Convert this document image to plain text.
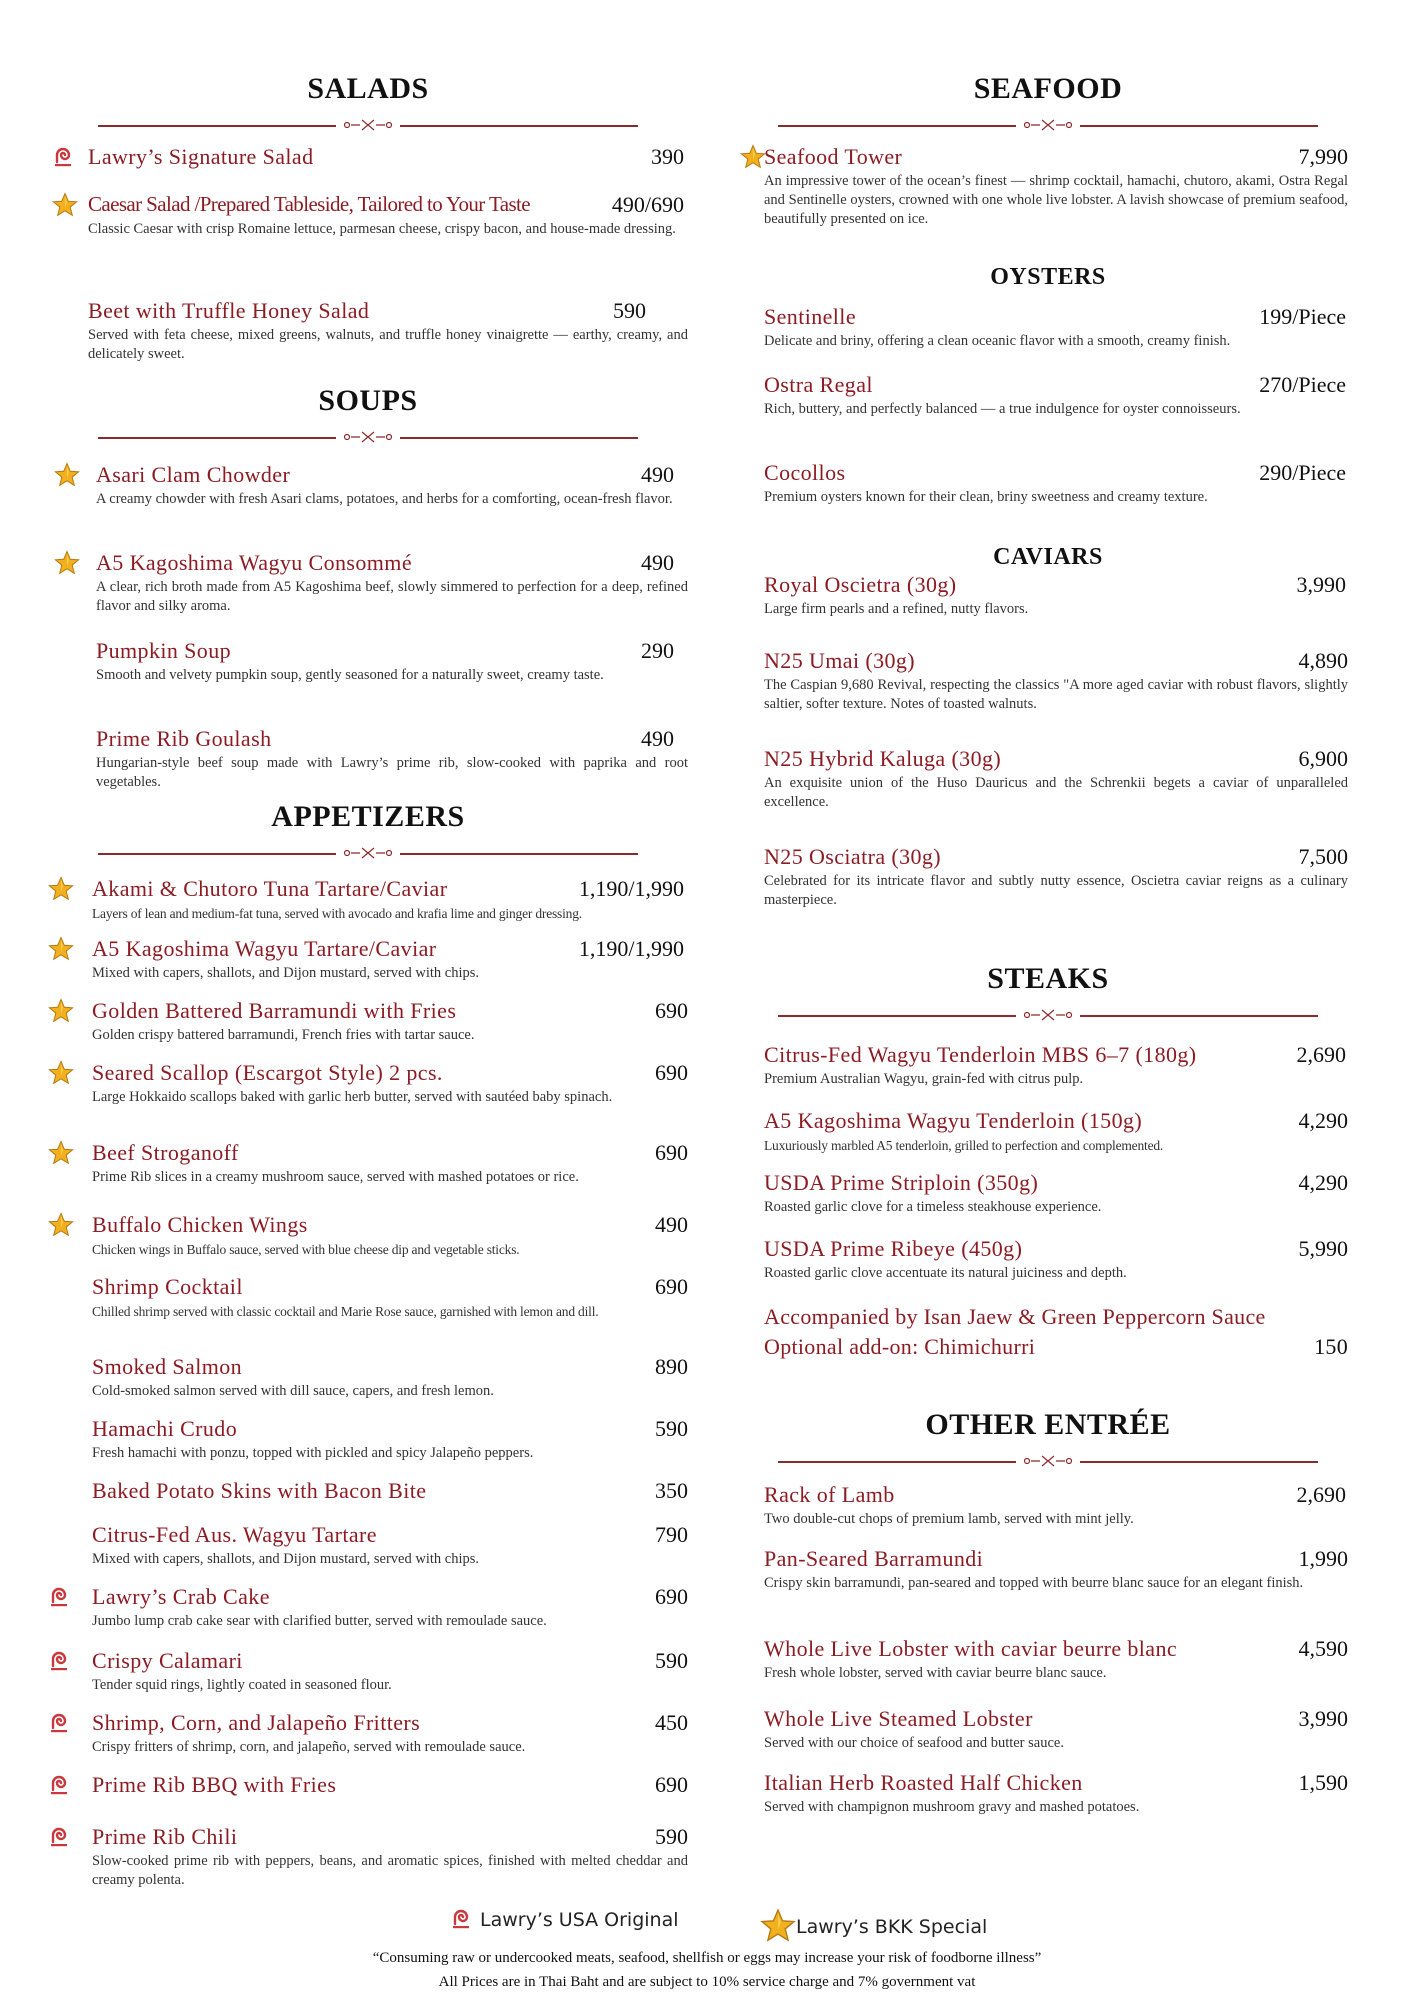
SALADS
Lawry’s Signature Salad	390
Caesar Salad /Prepared Tableside, Tailored to Your Taste	490/690
Classic Caesar with crisp Romaine lettuce, parmesan cheese, crispy bacon, and house-made dressing.
Beet with Truffle Honey Salad	590
Served with feta cheese, mixed greens, walnuts, and truffle honey vinaigrette –– earthy, creamy, and delicately sweet.
SOUPS
Asari Clam Chowder	490
A creamy chowder with fresh Asari clams, potatoes, and herbs for a comforting, ocean-fresh flavor.
A5 Kagoshima Wagyu Consommé	490
A clear, rich broth made from A5 Kagoshima beef, slowly simmered to perfection for a deep, refined flavor and silky aroma.
Pumpkin Soup	290
Smooth and velvety pumpkin soup, gently seasoned for a naturally sweet, creamy taste.
Prime Rib Goulash	490
Hungarian-style beef soup made with Lawry’s prime rib, slow-cooked with paprika and root vegetables.
APPETIZERS
Akami & Chutoro Tuna Tartare/Caviar	1,190/1,990
Layers of lean and medium-fat tuna, served with avocado and krafia lime and ginger dressing.
A5 Kagoshima Wagyu Tartare/Caviar	1,190/1,990
Mixed with capers, shallots, and Dijon mustard, served with chips.
Golden Battered Barramundi with Fries	690
Golden crispy battered barramundi, French fries with tartar sauce.
Seared Scallop (Escargot Style) 2 pcs.	690
Large Hokkaido scallops baked with garlic herb butter, served with sautéed baby spinach.
Beef Stroganoff	690
Prime Rib slices in a creamy mushroom sauce, served with mashed potatoes or rice.
Buffalo Chicken Wings	490
Chicken wings in Buffalo sauce, served with blue cheese dip and vegetable sticks.
Shrimp Cocktail	690
Chilled shrimp served with classic cocktail and Marie Rose sauce, garnished with lemon and dill.
Smoked Salmon	890
Cold-smoked salmon served with dill sauce, capers, and fresh lemon.
Hamachi Crudo	590
Fresh hamachi with ponzu, topped with pickled and spicy Jalapeño peppers.
Baked Potato Skins with Bacon Bite	350
Citrus-Fed Aus. Wagyu Tartare	790
Mixed with capers, shallots, and Dijon mustard, served with chips.
Lawry’s Crab Cake	690
Jumbo lump crab cake sear with clarified butter, served with remoulade sauce.
Crispy Calamari	590
Tender squid rings, lightly coated in seasoned flour.
Shrimp, Corn, and Jalapeño Fritters	450
Crispy fritters of shrimp, corn, and jalapeño, served with remoulade sauce.
Prime Rib BBQ with Fries	690
Prime Rib Chili	590
Slow-cooked prime rib with peppers, beans, and aromatic spices, finished with melted cheddar and creamy polenta.
SEAFOOD
Seafood Tower	7,990
An impressive tower of the ocean’s finest –– shrimp cocktail, hamachi, chutoro, akami, Ostra Regal and Sentinelle oysters, crowned with one whole live lobster. A lavish showcase of premium seafood, beautifully presented on ice.
OYSTERS
Sentinelle	199/Piece
Delicate and briny, offering a clean oceanic flavor with a smooth, creamy finish.
Ostra Regal	270/Piece
Rich, buttery, and perfectly balanced –– a true indulgence for oyster connoisseurs.
Cocollos	290/Piece
Premium oysters known for their clean, briny sweetness and creamy texture.
CAVIARS
Royal Oscietra (30g)	3,990
Large firm pearls and a refined, nutty flavors.
N25 Umai (30g)	4,890
The Caspian 9,680 Revival, respecting the classics "A more aged caviar with robust flavors, slightly saltier, softer texture. Notes of toasted walnuts.
N25 Hybrid Kaluga (30g)	6,900
An exquisite union of the Huso Dauricus and the Schrenkii begets a caviar of unparalleled excellence.
N25 Osciatra (30g)	7,500
Celebrated for its intricate flavor and subtly nutty essence, Oscietra caviar reigns as a culinary masterpiece.
STEAKS
Citrus-Fed Wagyu Tenderloin MBS 6–7 (180g)	2,690
Premium Australian Wagyu, grain-fed with citrus pulp.
A5 Kagoshima Wagyu Tenderloin (150g)	4,290
Luxuriously marbled A5 tenderloin, grilled to perfection and complemented.
USDA Prime Striploin (350g)	4,290
Roasted garlic clove for a timeless steakhouse experience.
USDA Prime Ribeye (450g)	5,990
Roasted garlic clove accentuate its natural juiciness and depth.
Accompanied by Isan Jaew & Green Peppercorn Sauce
Optional add-on: Chimichurri	150
OTHER ENTRÉE
Rack of Lamb	2,690
Two double-cut chops of premium lamb, served with mint jelly.
Pan-Seared Barramundi	1,990
Crispy skin barramundi, pan-seared and topped with beurre blanc sauce for an elegant finish.
Whole Live Lobster with caviar beurre blanc	4,590
Fresh whole lobster, served with caviar beurre blanc sauce.
Whole Live Steamed Lobster	3,990
Served with our choice of seafood and butter sauce.
Italian Herb Roasted Half Chicken	1,590
Served with champignon mushroom gravy and mashed potatoes.
Lawry’s USA Original	Lawry’s BKK Special
“Consuming raw or undercooked meats, seafood, shellfish or eggs may increase your risk of foodborne illness”
All Prices are in Thai Baht and are subject to 10% service charge and 7% government vat
